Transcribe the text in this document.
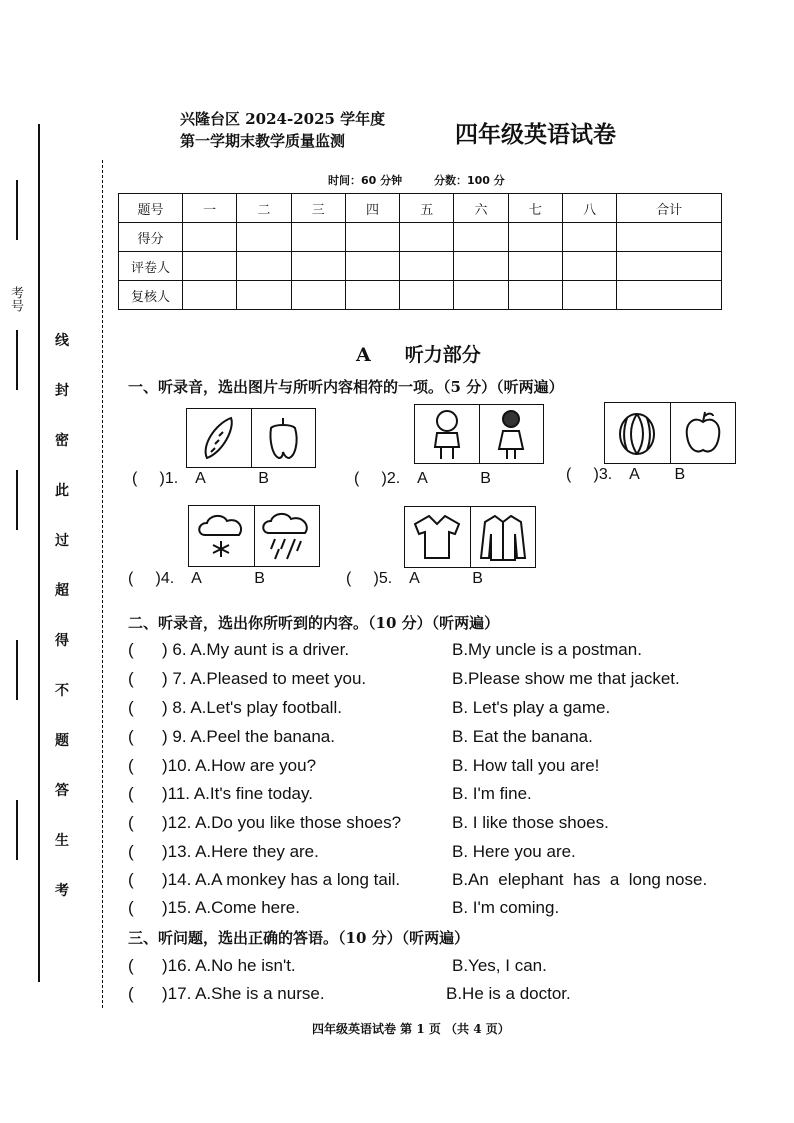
考号
线
封
密
此
过
超
得
不
题
答
生
考
兴隆台区 2024-2025 学年度
第一学期末教学质量监测	四年级英语试卷
时间：60 分钟	分数：100 分
题号	一	二	三	四	五	六	七	八	合计
得分									
评卷人									
复核人									
A 听力部分
一、听录音，选出图片与所听内容相符的一项。（5 分）（听两遍）
(     )1.    A            B	(     )2.    A            B	(     )3.    A        B
(     )4.    A            B	(     )5.    A            B
二、听录音，选出你所听到的内容。（10 分）（听两遍）
( ) 6. A.My aunt is a driver.	B.My uncle is a postman.
( ) 7. A.Pleased to meet you.	B.Please show me that jacket.
( ) 8. A.Let's play football.	B. Let's play a game.
( ) 9. A.Peel the banana.	B. Eat the banana.
( )10. A.How are you?	B. How tall you are!
( )11. A.It's fine today.	B. I'm fine.
( )12. A.Do you like those shoes?	B. I like those shoes.
( )13. A.Here they are.	B. Here you are.
( )14. A.A monkey has a long tail.	B.An  elephant  has  a  long nose.
( )15. A.Come here.	B. I'm coming.
三、听问题，选出正确的答语。（10 分）（听两遍）
( )16. A.No he isn't.	B.Yes, I can.
( )17. A.She is a nurse.	B.He is a doctor.
四年级英语试卷 第 1 页 （共 4 页）
